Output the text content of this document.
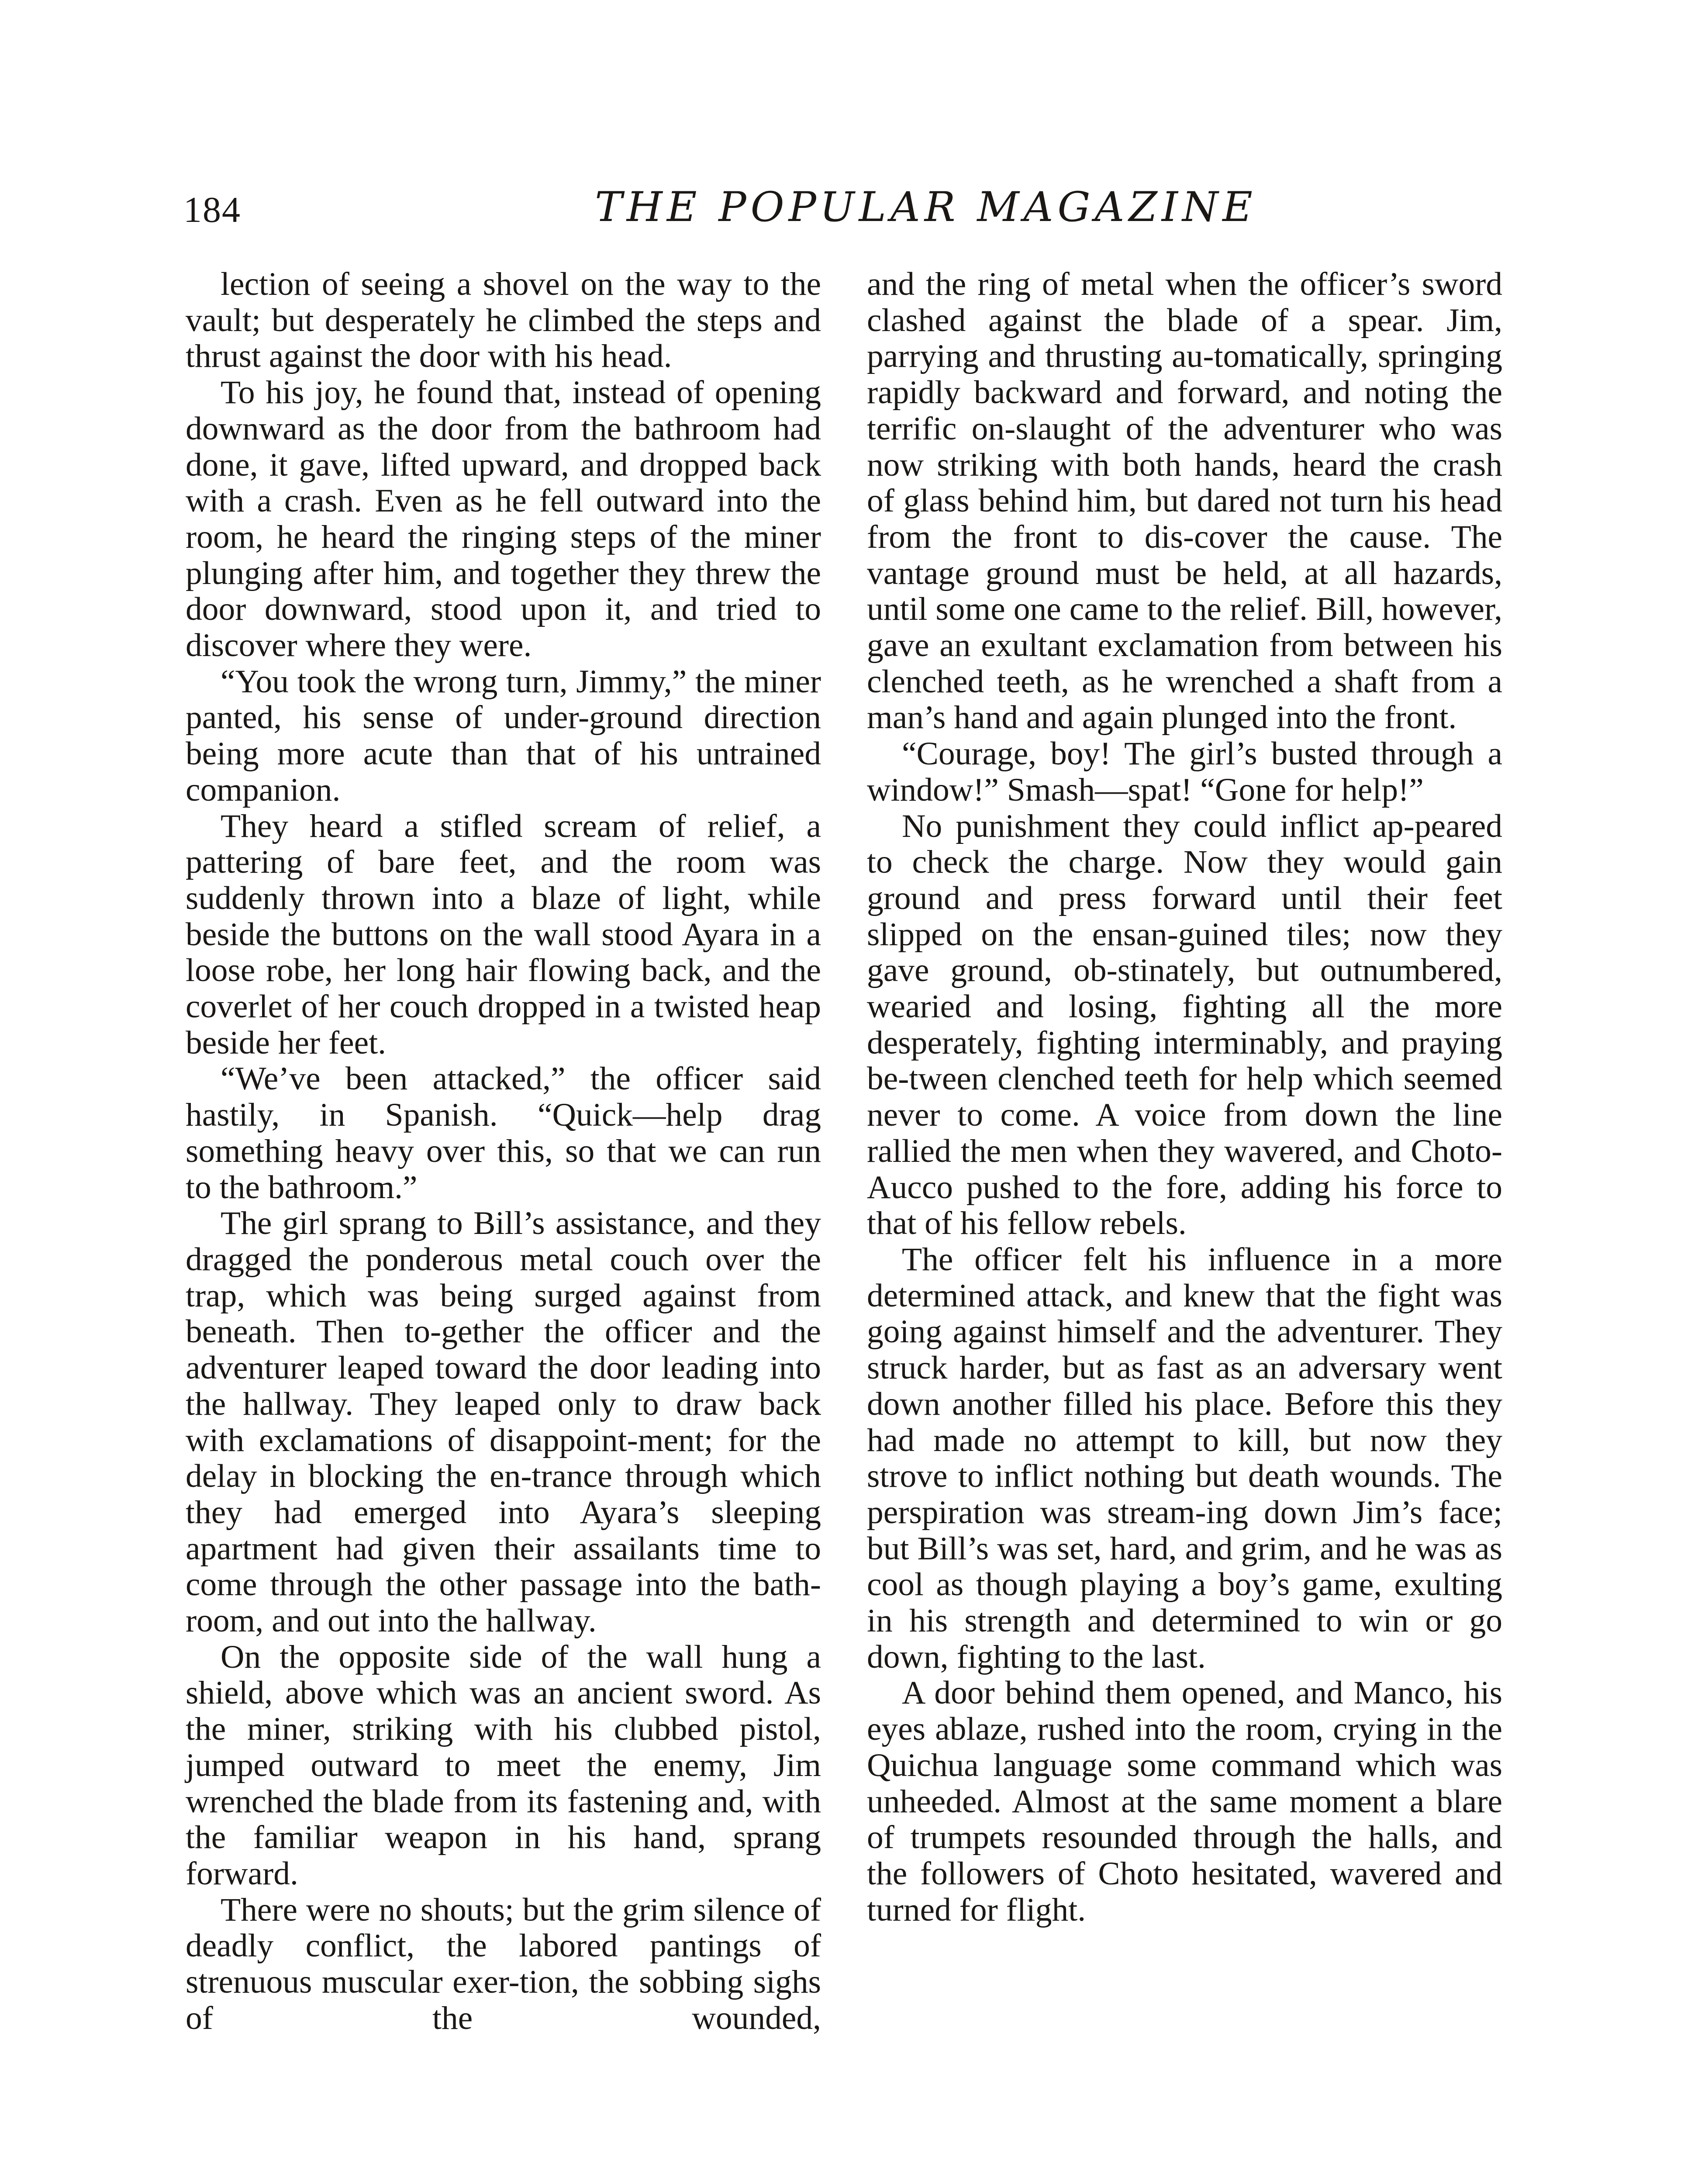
184	THE POPULAR MAGAZINE

lection of seeing a shovel on the way to the vault; but desperately he climbed the steps and thrust against the door with his head.

To his joy, he found that, instead of opening downward as the door from the bathroom had done, it gave, lifted upward, and dropped back with a crash. Even as he fell outward into the room, he heard the ringing steps of the miner plunging after him, and together they threw the door downward, stood upon it, and tried to discover where they were.

“You took the wrong turn, Jimmy,” the miner panted, his sense of under-ground direction being more acute than that of his untrained companion.

They heard a stifled scream of relief, a pattering of bare feet, and the room was suddenly thrown into a blaze of light, while beside the buttons on the wall stood Ayara in a loose robe, her long hair flowing back, and the coverlet of her couch dropped in a twisted heap beside her feet.

“We’ve been attacked,” the officer said hastily, in Spanish. “Quick—help drag something heavy over this, so that we can run to the bathroom.”

The girl sprang to Bill’s assistance, and they dragged the ponderous metal couch over the trap, which was being surged against from beneath. Then to-gether the officer and the adventurer leaped toward the door leading into the hallway. They leaped only to draw back with exclamations of disappoint-ment; for the delay in blocking the en-trance through which they had emerged into Ayara’s sleeping apartment had given their assailants time to come through the other passage into the bath-room, and out into the hallway.

On the opposite side of the wall hung a shield, above which was an ancient sword. As the miner, striking with his clubbed pistol, jumped outward to meet the enemy, Jim wrenched the blade from its fastening and, with the familiar weapon in his hand, sprang forward.

There were no shouts; but the grim silence of deadly conflict, the labored pantings of strenuous muscular exer-tion, the sobbing sighs of the wounded,

and the ring of metal when the officer’s sword clashed against the blade of a spear. Jim, parrying and thrusting au-tomatically, springing rapidly backward and forward, and noting the terrific on-slaught of the adventurer who was now striking with both hands, heard the crash of glass behind him, but dared not turn his head from the front to dis-cover the cause. The vantage ground must be held, at all hazards, until some one came to the relief. Bill, however, gave an exultant exclamation from between his clenched teeth, as he wrenched a shaft from a man’s hand and again plunged into the front.

“Courage, boy! The girl’s busted through a window!” Smash—spat! “Gone for help!”

No punishment they could inflict ap-peared to check the charge. Now they would gain ground and press forward until their feet slipped on the ensan-guined tiles; now they gave ground, ob-stinately, but outnumbered, wearied and losing, fighting all the more desperately, fighting interminably, and praying be-tween clenched teeth for help which seemed never to come. A voice from down the line rallied the men when they wavered, and Choto-Aucco pushed to the fore, adding his force to that of his fellow rebels.

The officer felt his influence in a more determined attack, and knew that the fight was going against himself and the adventurer. They struck harder, but as fast as an adversary went down another filled his place. Before this they had made no attempt to kill, but now they strove to inflict nothing but death wounds. The perspiration was stream-ing down Jim’s face; but Bill’s was set, hard, and grim, and he was as cool as though playing a boy’s game, exulting in his strength and determined to win or go down, fighting to the last.

A door behind them opened, and Manco, his eyes ablaze, rushed into the room, crying in the Quichua language some command which was unheeded. Almost at the same moment a blare of trumpets resounded through the halls, and the followers of Choto hesitated, wavered and turned for flight.
